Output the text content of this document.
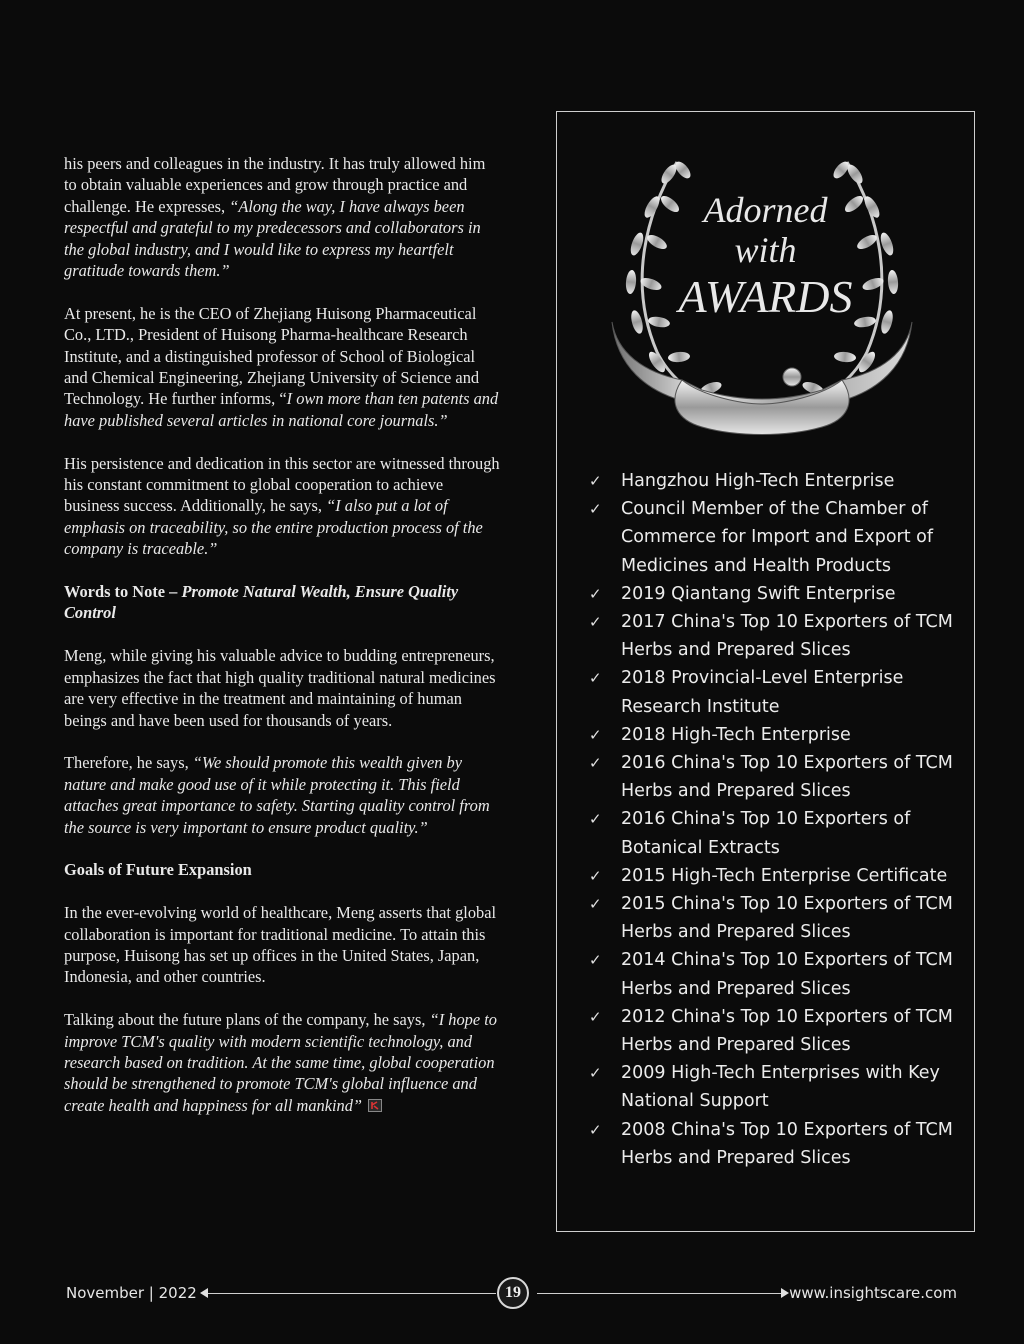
his peers and colleagues in the industry. It has truly allowed him to obtain valuable experiences and grow through practice and challenge. He expresses, “Along the way, I have always been respectful and grateful to my predecessors and collaborators in the global industry, and I would like to express my heartfelt gratitude towards them.”

At present, he is the CEO of Zhejiang Huisong Pharmaceutical Co., LTD., President of Huisong Pharma-healthcare Research Institute, and a distinguished professor of School of Biological and Chemical Engineering, Zhejiang University of Science and Technology. He further informs, “I own more than ten patents and have published several articles in national core journals.”

His persistence and dedication in this sector are witnessed through his constant commitment to global cooperation to achieve business success. Additionally, he says, “I also put a lot of emphasis on traceability, so the entire production process of the company is traceable.”

Words to Note – Promote Natural Wealth, Ensure Quality Control

Meng, while giving his valuable advice to budding entrepreneurs, emphasizes the fact that high quality traditional natural medicines are very effective in the treatment and maintaining of human beings and have been used for thousands of years.

Therefore, he says, “We should promote this wealth given by nature and make good use of it while protecting it. This field attaches great importance to safety. Starting quality control from the source is very important to ensure product quality.”

Goals of Future Expansion

In the ever-evolving world of healthcare, Meng asserts that global collaboration is important for traditional medicine. To attain this purpose, Huisong has set up offices in the United States, Japan, Indonesia, and other countries.

Talking about the future plans of the company, he says, “I hope to improve TCM's quality with modern scientific technology, and research based on tradition. At the same time, global cooperation should be strengthened to promote TCM's global influence and create health and happiness for all mankind”

Adorned
with
AWARDS
✓ Hangzhou High-Tech Enterprise
✓ Council Member of the Chamber of Commerce for Import and Export of Medicines and Health Products
✓ 2019 Qiantang Swift Enterprise
✓ 2017 China's Top 10 Exporters of TCM Herbs and Prepared Slices
✓ 2018 Provincial-Level Enterprise Research Institute
✓ 2018 High-Tech Enterprise
✓ 2016 China's Top 10 Exporters of TCM Herbs and Prepared Slices
✓ 2016 China's Top 10 Exporters of Botanical Extracts
✓ 2015 High-Tech Enterprise Certificate
✓ 2015 China's Top 10 Exporters of TCM Herbs and Prepared Slices
✓ 2014 China's Top 10 Exporters of TCM Herbs and Prepared Slices
✓ 2012 China's Top 10 Exporters of TCM Herbs and Prepared Slices
✓ 2009 High-Tech Enterprises with Key National Support
✓ 2008 China's Top 10 Exporters of TCM Herbs and Prepared Slices
November | 2022	19	www.insightscare.com
